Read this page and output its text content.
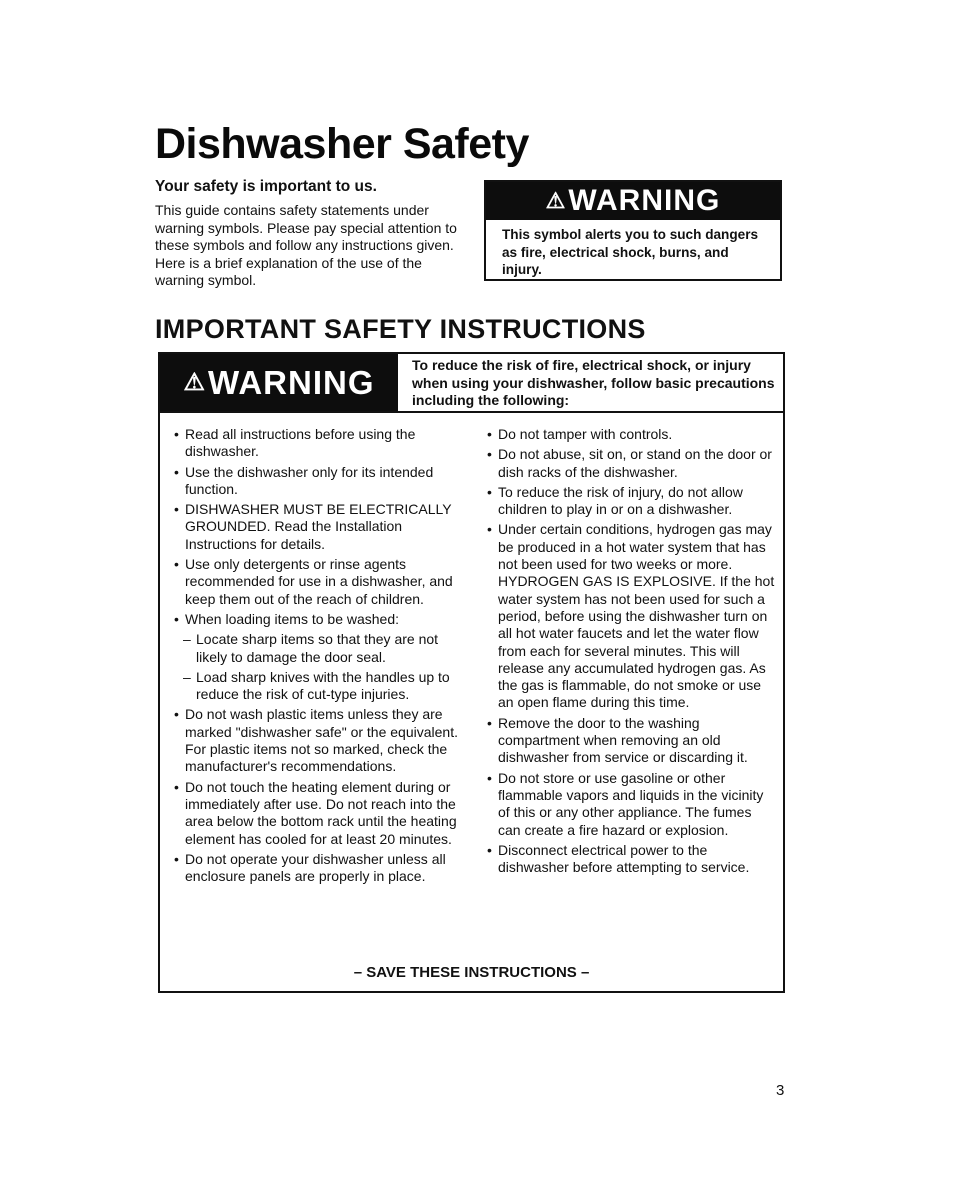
Dishwasher Safety

Your safety is important to us.

This guide contains safety statements under warning symbols. Please pay special attention to these symbols and follow any instructions given. Here is a brief explanation of the use of the warning symbol.

⚠ WARNING
This symbol alerts you to such dangers as fire, electrical shock, burns, and injury.
IMPORTANT SAFETY INSTRUCTIONS
⚠ WARNING	To reduce the risk of fire, electrical shock, or injury when using your dishwasher, follow basic precautions including the following:
• Read all instructions before using the dishwasher.
• Use the dishwasher only for its intended function.
• DISHWASHER MUST BE ELECTRICALLY GROUNDED. Read the Installation Instructions for details.
• Use only detergents or rinse agents recommended for use in a dishwasher, and keep them out of the reach of children.
• When loading items to be washed:
– Locate sharp items so that they are not likely to damage the door seal.
– Load sharp knives with the handles up to reduce the risk of cut-type injuries.
• Do not wash plastic items unless they are marked "dishwasher safe" or the equivalent. For plastic items not so marked, check the manufacturer's recommendations.
• Do not touch the heating element during or immediately after use. Do not reach into the area below the bottom rack until the heating element has cooled for at least 20 minutes.
• Do not operate your dishwasher unless all enclosure panels are properly in place.
• Do not tamper with controls.
• Do not abuse, sit on, or stand on the door or dish racks of the dishwasher.
• To reduce the risk of injury, do not allow children to play in or on a dishwasher.
• Under certain conditions, hydrogen gas may be produced in a hot water system that has not been used for two weeks or more. HYDROGEN GAS IS EXPLOSIVE. If the hot water system has not been used for such a period, before using the dishwasher turn on all hot water faucets and let the water flow from each for several minutes. This will release any accumulated hydrogen gas. As the gas is flammable, do not smoke or use an open flame during this time.
• Remove the door to the washing compartment when removing an old dishwasher from service or discarding it.
• Do not store or use gasoline or other flammable vapors and liquids in the vicinity of this or any other appliance. The fumes can create a fire hazard or explosion.
• Disconnect electrical power to the dishwasher before attempting to service.
– SAVE THESE INSTRUCTIONS –
3
